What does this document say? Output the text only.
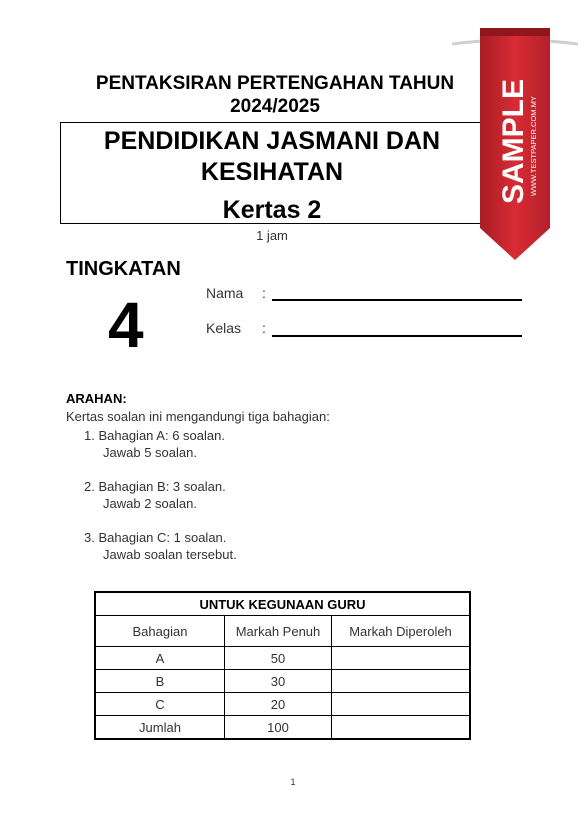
PENTAKSIRAN PERTENGAHAN TAHUN
2024/2025
PENDIDIKAN JASMANI DAN
KESIHATAN
Kertas 2
1 jam
SAMPLE WWW.TESTPAPER.COM.MY
TINGKATAN
4	Nama :
Kelas :
ARAHAN:
Kertas soalan ini mengandungi tiga bahagian:
1. Bahagian A: 6 soalan.
Jawab 5 soalan.
2. Bahagian B: 3 soalan.
Jawab 2 soalan.
3. Bahagian C: 1 soalan.
Jawab soalan tersebut.
UNTUK KEGUNAAN GURU		
Bahagian	Markah Penuh	Markah Diperoleh
A	50	
B	30	
C	20	
Jumlah	100	
1
